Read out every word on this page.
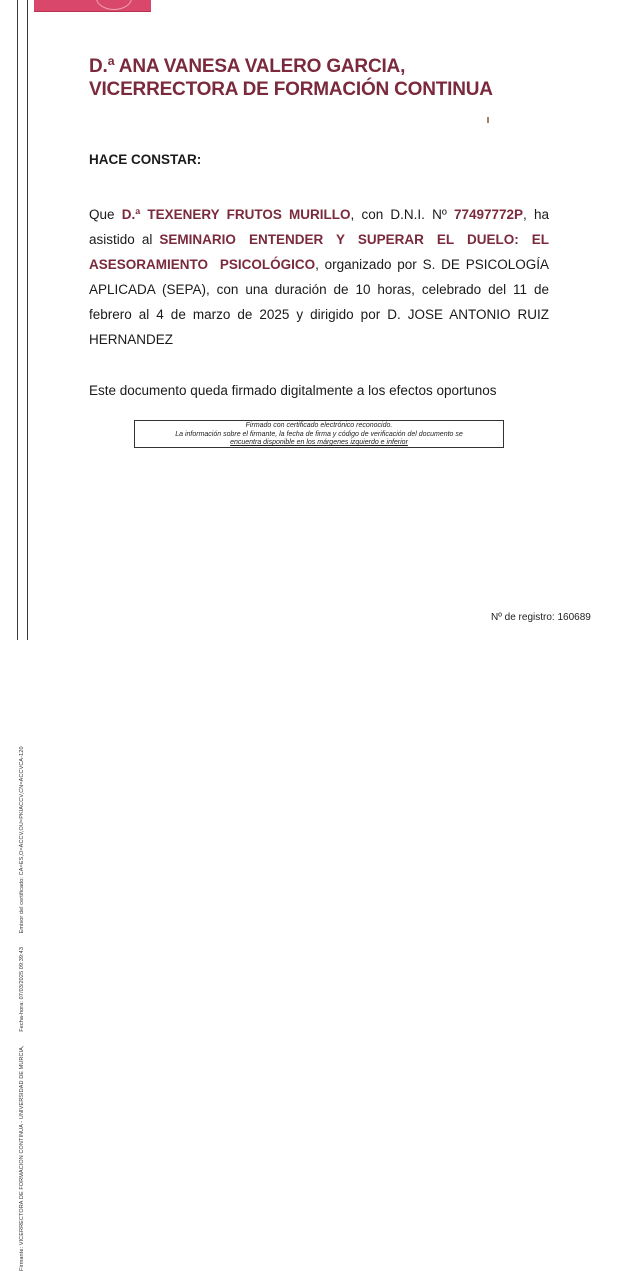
Firmante: VICERRECTORA DE FORMACION CONTINUA - UNIVERSIDAD DE MURCIA, Fecha-hora: 07/03/2025 09:39:43 Emisor del certificado: CA=ES,O=ACCV,OU=PKIACCV,CN=ACCVCA-120
D.ª ANA VANESA VALERO GARCIA,
VICERRECTORA DE FORMACIÓN CONTINUA
HACE CONSTAR:
Que D.ª TEXENERY FRUTOS MURILLO, con D.N.I. Nº 77497772P, ha asistido al SEMINARIO ENTENDER Y SUPERAR EL DUELO: EL ASESORAMIENTO PSICOLÓGICO, organizado por S. DE PSICOLOGÍA APLICADA (SEPA), con una duración de 10 horas, celebrado del 11 de febrero al 4 de marzo de 2025 y dirigido por D. JOSE ANTONIO RUIZ HERNANDEZ
Este documento queda firmado digitalmente a los efectos oportunos
Firmado con certificado electrónico reconocido.
La información sobre el firmante, la fecha de firma y código de verificación del documento se
encuentra disponible en los márgenes izquierdo e inferior
Nº de registro: 160689
